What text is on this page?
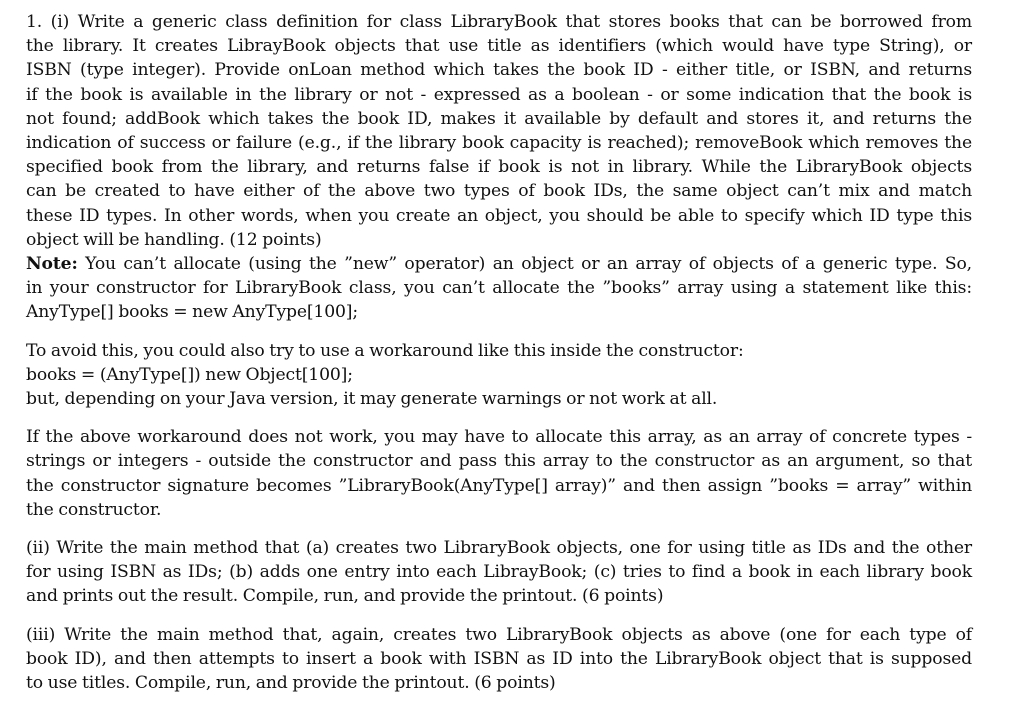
1. (i) Write a generic class definition for class LibraryBook that stores books that can be borrowed from
the library. It creates LibrayBook objects that use title as identifiers (which would have type String), or
ISBN (type integer). Provide onLoan method which takes the book ID - either title, or ISBN, and returns
if the book is available in the library or not - expressed as a boolean - or some indication that the book is
not found; addBook which takes the book ID, makes it available by default and stores it, and returns the
indication of success or failure (e.g., if the library book capacity is reached); removeBook which removes the
specified book from the library, and returns false if book is not in library. While the LibraryBook objects
can be created to have either of the above two types of book IDs, the same object can’t mix and match
these ID types. In other words, when you create an object, you should be able to specify which ID type this
object will be handling. (12 points)
Note: You can’t allocate (using the ”new” operator) an object or an array of objects of a generic type. So,
in your constructor for LibraryBook class, you can’t allocate the ”books” array using a statement like this:
AnyType[] books = new AnyType[100];

To avoid this, you could also try to use a workaround like this inside the constructor:
books = (AnyType[]) new Object[100];
but, depending on your Java version, it may generate warnings or not work at all.

If the above workaround does not work, you may have to allocate this array, as an array of concrete types -
strings or integers - outside the constructor and pass this array to the constructor as an argument, so that
the constructor signature becomes ”LibraryBook(AnyType[] array)” and then assign ”books = array” within
the constructor.

(ii) Write the main method that (a) creates two LibraryBook objects, one for using title as IDs and the other
for using ISBN as IDs; (b) adds one entry into each LibrayBook; (c) tries to find a book in each library book
and prints out the result. Compile, run, and provide the printout. (6 points)

(iii) Write the main method that, again, creates two LibraryBook objects as above (one for each type of
book ID), and then attempts to insert a book with ISBN as ID into the LibraryBook object that is supposed
to use titles. Compile, run, and provide the printout. (6 points)
